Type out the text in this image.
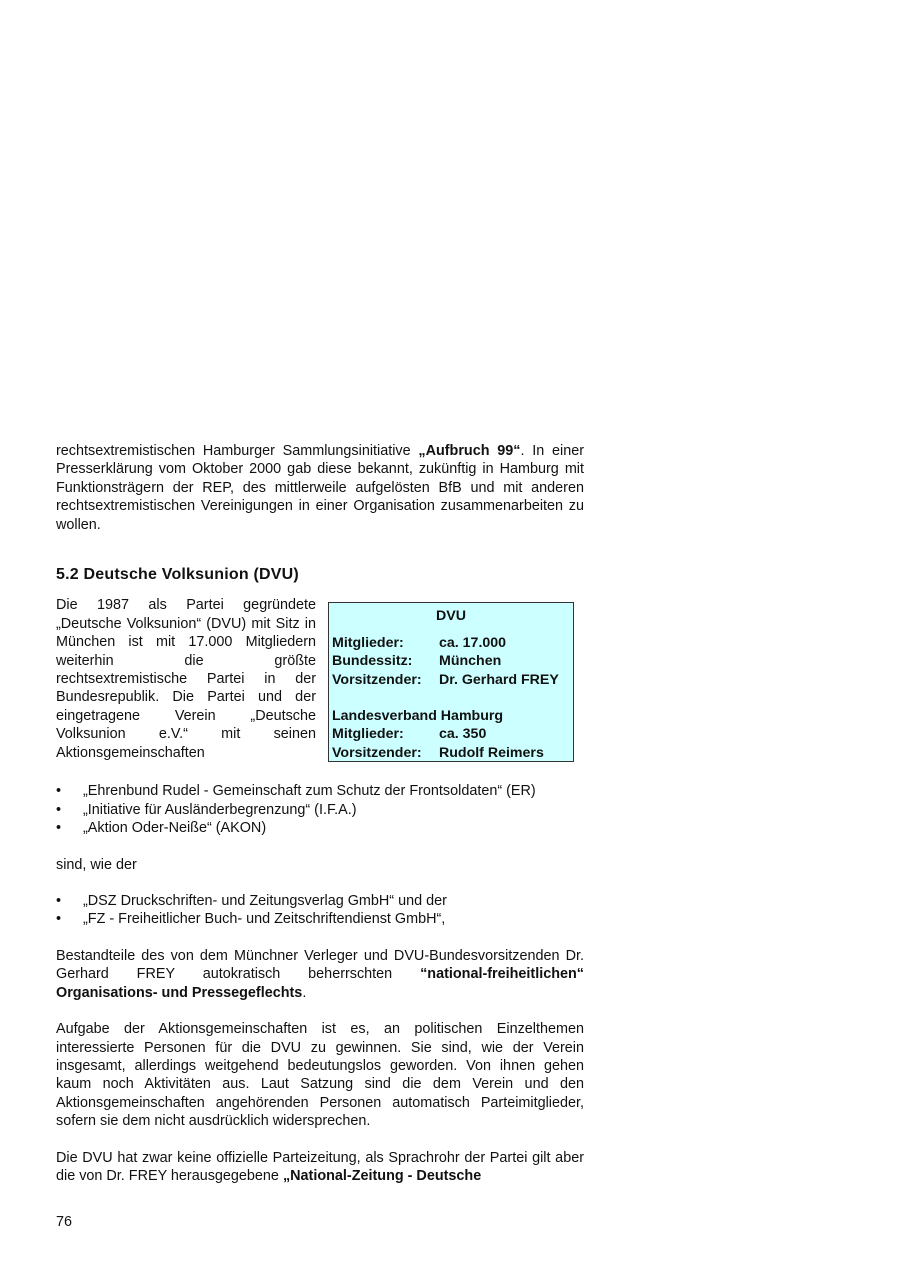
rechtsextremistischen Hamburger Sammlungsinitiative „Aufbruch 99“. In einer Presserklärung vom Oktober 2000 gab diese bekannt, zukünftig in Hamburg mit Funktionsträgern der REP, des mittlerweile aufgelösten BfB und mit anderen rechtsextremistischen Vereinigungen in einer Organisation zusammenarbeiten zu wollen.

5.2 Deutsche Volksunion (DVU)

Die 1987 als Partei gegründete „Deutsche Volksunion“ (DVU) mit Sitz in München ist mit 17.000 Mitgliedern weiterhin die größte rechtsextremistische Partei in der Bundesrepublik. Die Partei und der eingetragene Verein „Deutsche Volksunion e.V.“ mit seinen Aktionsgemeinschaften

DVU
Mitglieder:	ca. 17.000
Bundessitz:	München
Vorsitzender:	Dr. Gerhard FREY
Landesverband Hamburg
Mitglieder:	ca. 350
Vorsitzender:	Rudolf Reimers
• „Ehrenbund Rudel - Gemeinschaft zum Schutz der Frontsoldaten“ (ER)
• „Initiative für Ausländerbegrenzung“ (I.F.A.)
• „Aktion Oder-Neiße“ (AKON)

sind, wie der

• „DSZ Druckschriften- und Zeitungsverlag GmbH“ und der
• „FZ - Freiheitlicher Buch- und Zeitschriftendienst GmbH“,

Bestandteile des von dem Münchner Verleger und DVU-Bundesvorsitzenden Dr. Gerhard FREY autokratisch beherrschten “national-freiheitlichen“ Organisations- und Pressegeflechts.

Aufgabe der Aktionsgemeinschaften ist es, an politischen Einzelthemen interessierte Personen für die DVU zu gewinnen. Sie sind, wie der Verein insgesamt, allerdings weitgehend bedeutungslos geworden. Von ihnen gehen kaum noch Aktivitäten aus. Laut Satzung sind die dem Verein und den Aktionsgemeinschaften angehörenden Personen automatisch Parteimitglieder, sofern sie dem nicht ausdrücklich widersprechen.

Die DVU hat zwar keine offizielle Parteizeitung, als Sprachrohr der Partei gilt aber die von Dr. FREY herausgegebene „National-Zeitung - Deutsche

76
